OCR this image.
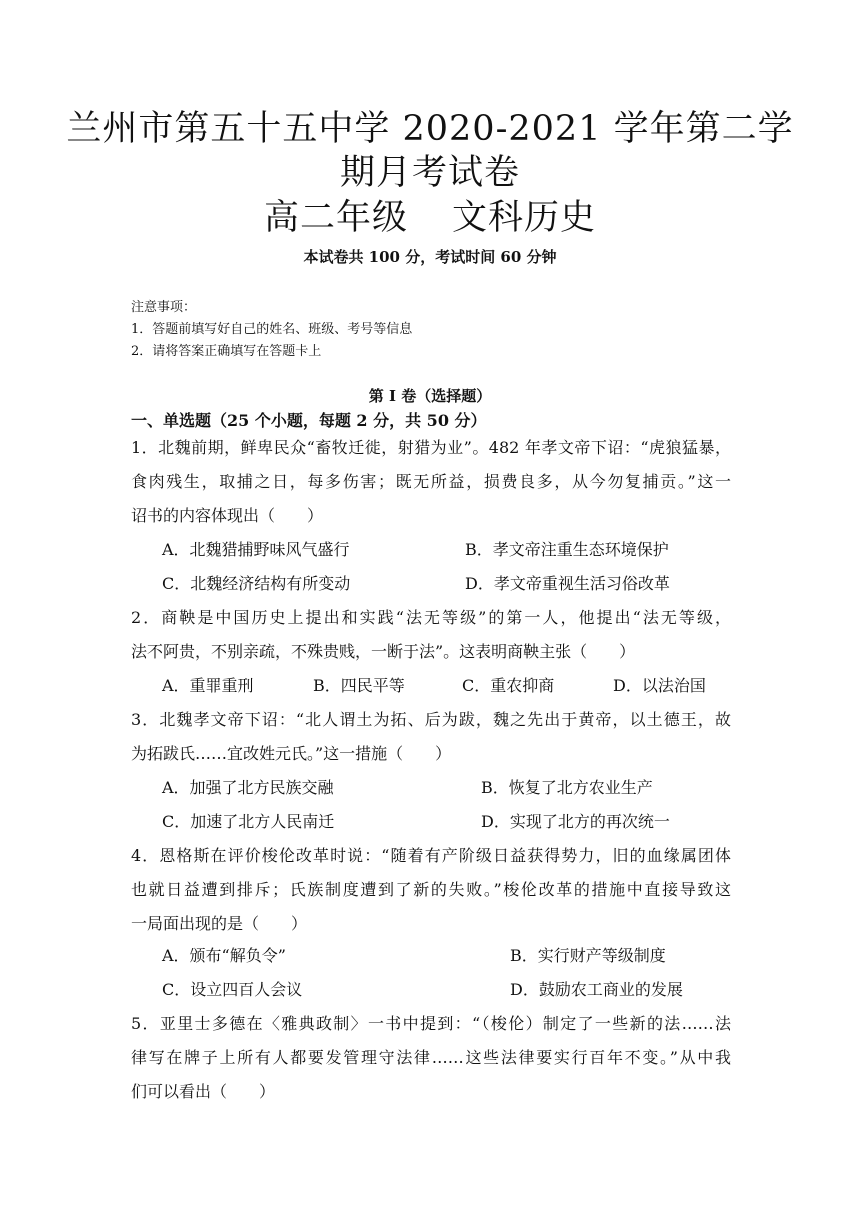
兰州市第五十五中学 2020-2021 学年第二学
期月考试卷
高二年级 文科历史
本试卷共 100 分，考试时间 60 分钟
注意事项：
1．答题前填写好自己的姓名、班级、考号等信息
2．请将答案正确填写在答题卡上
第 I 卷（选择题）
一、单选题（25 个小题，每题 2 分，共 50 分）
1．北魏前期，鲜卑民众“畜牧迁徙，射猎为业”。482 年孝文帝下诏：“虎狼猛暴，
食肉残生，取捕之日，每多伤害；既无所益，损费良多，从今勿复捕贡。”这一
诏书的内容体现出（　　）
A．北魏猎捕野味风气盛行	B．孝文帝注重生态环境保护
C．北魏经济结构有所变动	D．孝文帝重视生活习俗改革
2．商鞅是中国历史上提出和实践“法无等级”的第一人，他提出“法无等级，
法不阿贵，不别亲疏，不殊贵贱，一断于法”。这表明商鞅主张（　　）
A．重罪重刑	B．四民平等	C．重农抑商	D．以法治国
3．北魏孝文帝下诏：“北人谓土为拓、后为跋，魏之先出于黄帝，以土德王，故
为拓跋氏……宜改姓元氏。”这一措施（　　）
A．加强了北方民族交融	B．恢复了北方农业生产
C．加速了北方人民南迁	D．实现了北方的再次统一
4．恩格斯在评价梭伦改革时说：“随着有产阶级日益获得势力，旧的血缘属团体
也就日益遭到排斥；氏族制度遭到了新的失败。”梭伦改革的措施中直接导致这
一局面出现的是（　　）
A．颁布“解负令”	B．实行财产等级制度
C．设立四百人会议	D．鼓励农工商业的发展
5．亚里士多德在〈雅典政制〉一书中提到：“（梭伦）制定了一些新的法……法
律写在牌子上所有人都要发管理守法律……这些法律要实行百年不变。”从中我
们可以看出（　　）
